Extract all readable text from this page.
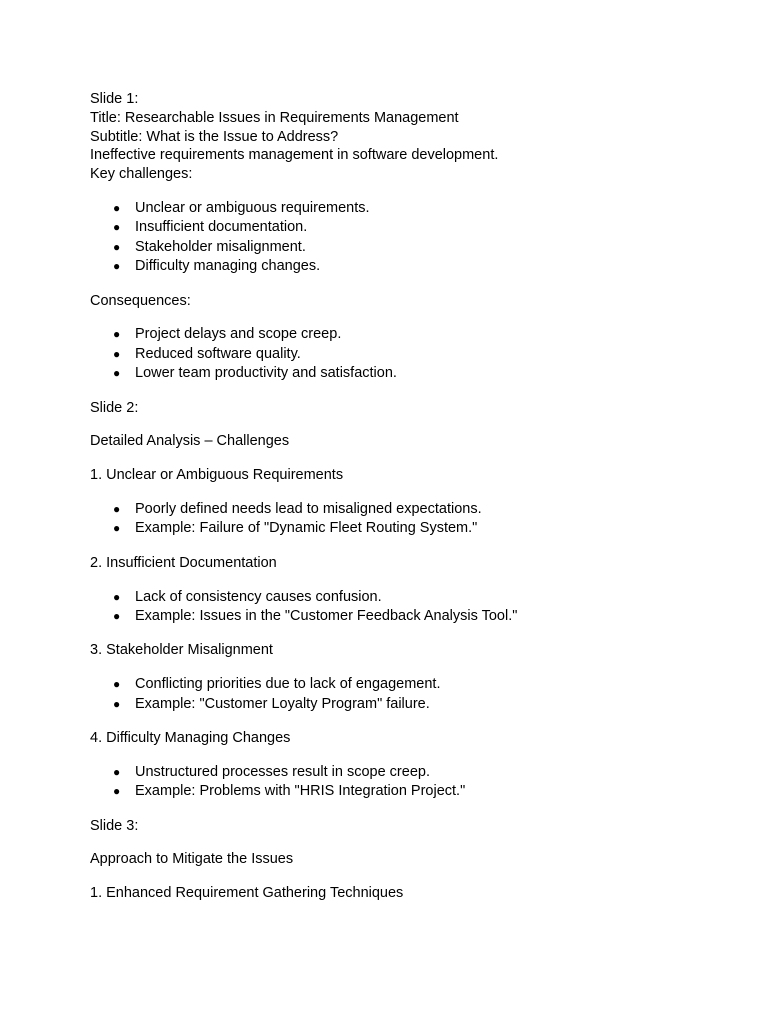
Slide 1:
Title: Researchable Issues in Requirements Management
Subtitle: What is the Issue to Address?
Ineffective requirements management in software development.
Key challenges:
● Unclear or ambiguous requirements.
● Insufficient documentation.
● Stakeholder misalignment.
● Difficulty managing changes.
Consequences:
● Project delays and scope creep.
● Reduced software quality.
● Lower team productivity and satisfaction.
Slide 2:
Detailed Analysis – Challenges
1. Unclear or Ambiguous Requirements
● Poorly defined needs lead to misaligned expectations.
● Example: Failure of "Dynamic Fleet Routing System."
2. Insufficient Documentation
● Lack of consistency causes confusion.
● Example: Issues in the "Customer Feedback Analysis Tool."
3. Stakeholder Misalignment
● Conflicting priorities due to lack of engagement.
● Example: "Customer Loyalty Program" failure.
4. Difficulty Managing Changes
● Unstructured processes result in scope creep.
● Example: Problems with "HRIS Integration Project."
Slide 3:
Approach to Mitigate the Issues
1. Enhanced Requirement Gathering Techniques
